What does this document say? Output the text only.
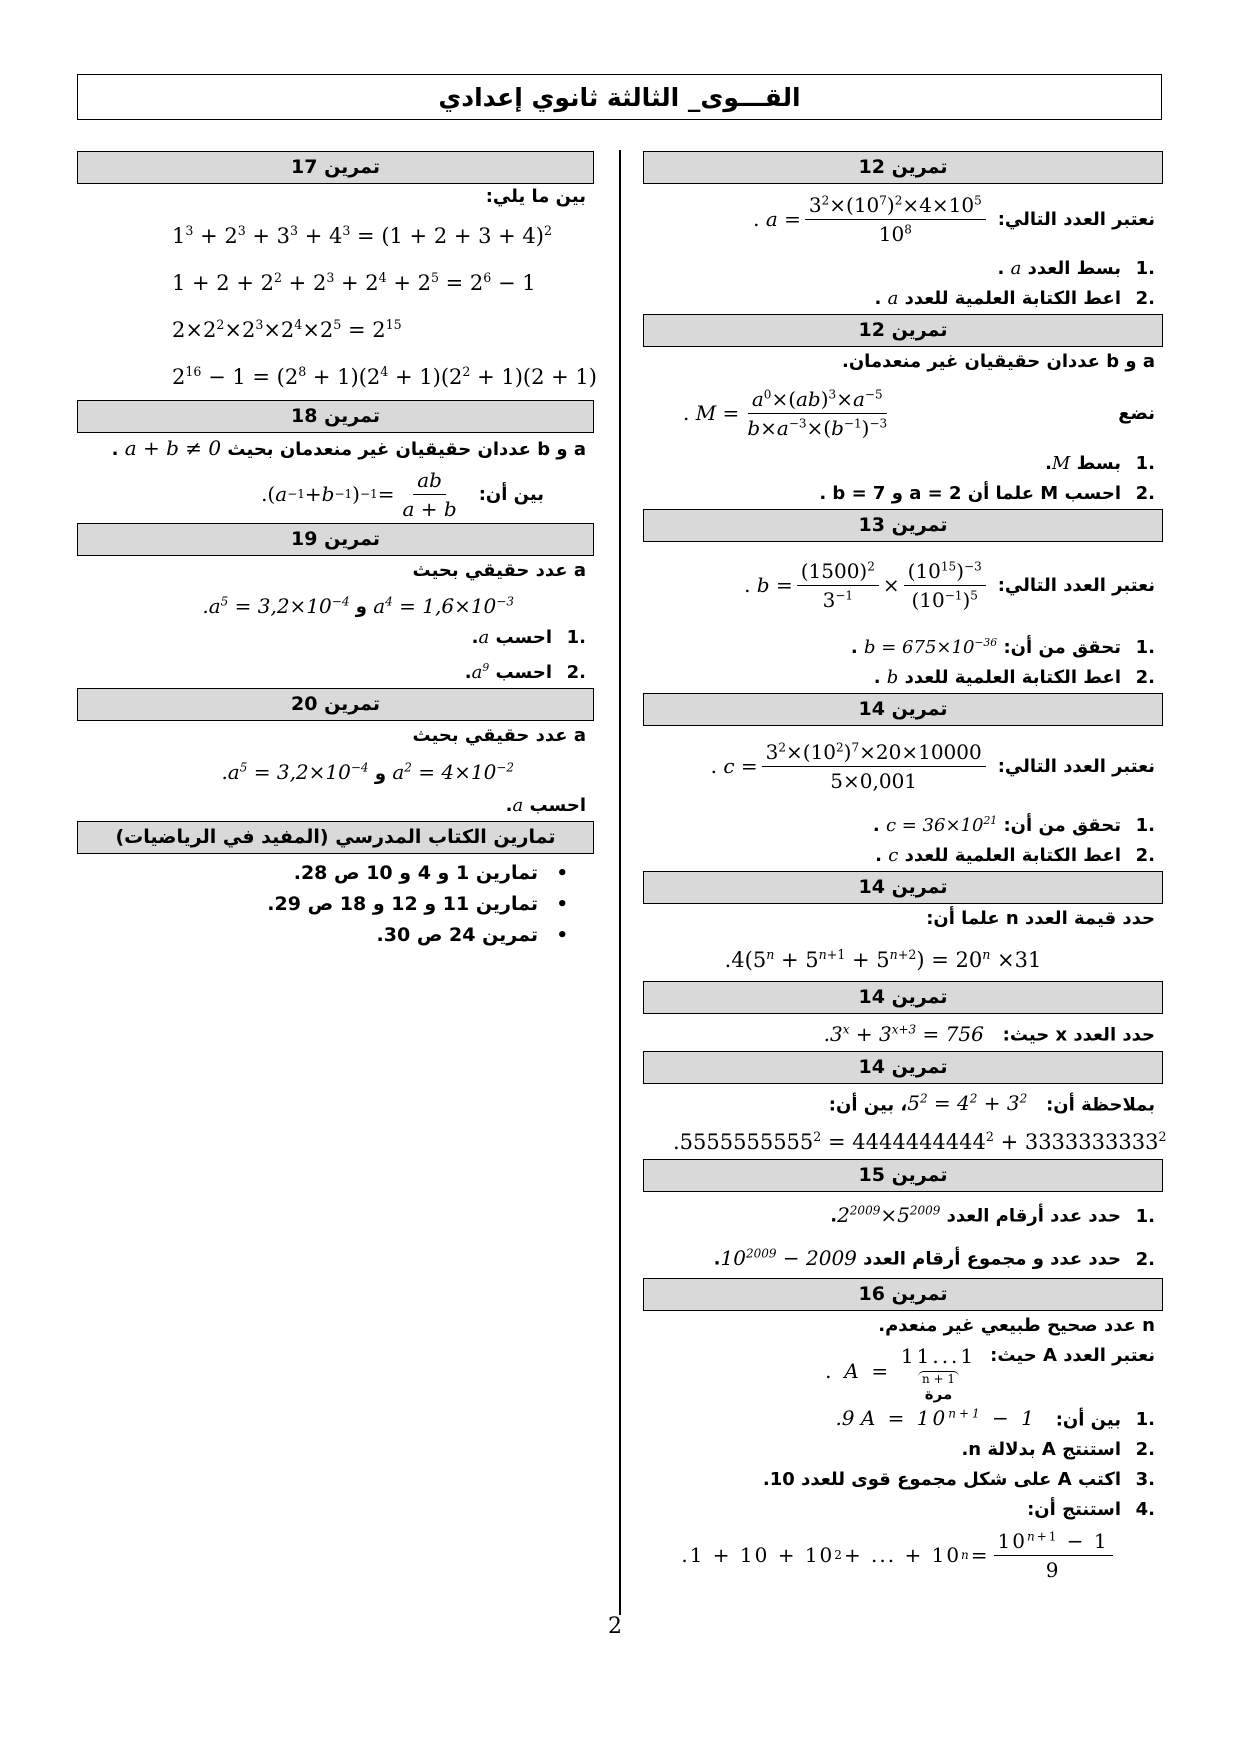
القـــوى_ الثالثة ثانوي إعدادي
تمرين 12
نعتبر العدد التالي:
. $a = \frac{3^2\times(10^7)^2\times 4\times 10^5}{10^8}$
.1بسط العدد a .
.2اعط الكتابة العلمية للعدد a .
تمرين 12
a و b عددان حقيقيان غير منعدمان.
نضع
. $M = \frac{a^0\times(ab)^3\times a^{-5}}{b\times a^{-3}\times(b^{-1})^{-3}}$
.1بسط M.
.2احسب M علما أن a = 2 و b = 7 .
تمرين 13
نعتبر العدد التالي:
. $b = \frac{(1500)^2}{3^{-1}} \times \frac{(10^{15})^{-3}}{(10^{-1})^5}$
.1تحقق من أن: $b = 675\times 10^{-36}$ .
.2اعط الكتابة العلمية للعدد b .
تمرين 14
نعتبر العدد التالي:
. $c = \frac{3^2\times(10^2)^7\times 20\times 10000}{5\times 0,001}$
.1تحقق من أن: $c = 36\times 10^{21}$ .
.2اعط الكتابة العلمية للعدد c .
تمرين 14
حدد قيمة العدد n علما أن:
$.4(5^n + 5^{n+1} + 5^{n+2}) = 20^n \times 31$
تمرين 14
حدد العدد x حيث:   $.3^x + 3^{x+3} = 756$
تمرين 14
بملاحظة أن:   $5^2 = 4^2$ + $3^2،$ بين أن:
$.5555555555^2 = 4444444444^2 + 3333333333^2$
تمرين 15
.1حدد عدد أرقام العدد $2^{2009}\times 5^{2009}$.
.2حدد عدد و مجموع أرقام العدد $10^{2009} - 2009$.
تمرين 16
n عدد صحيح طبيعي غير منعدم.
نعتبر العدد A حيث:
. A =
11...1
n + 1
مرة
.1بين أن:   .9 $A = 10^{n+1} - 1$
.2استنتج A بدلالة n.
.3اكتب A على شكل مجموع قوى للعدد 10.
.4استنتج أن:
.1 + 10 + 10 2 + ... + 10 $n = \frac{10^{n+1} - 1}{9}$
تمرين 17
بين ما يلي:
$1^3 + 2^3 + 3^3 + 4^3 = (1 + 2 + 3 + 4)^2$
$1 + 2 + 2^2 + 2^3 + 2^4 + 2^5 = 2^6 - 1$
$2\times 2^2\times 2^3\times 2^4\times 2^5 = 2^{15}$
$2^{16} - 1 = (2^8 + 1)(2^4 + 1)(2^2 + 1)(2 + 1)$
تمرين 18
a و b عددان حقيقيان غير منعدمان بحيث a + b ≠ 0 .
بين أن:
.( a −1 + b −1 ) $-1 = \frac{ab}{a + b}$
تمرين 19
a عدد حقيقي بحيث
$a^4 = 1,6\times 10^{-3}$ و $.a^5 = 3,2\times 10^{-4}$
.1احسب a.
.2احسب $a^9$.
تمرين 20
a عدد حقيقي بحيث
$a^2 = 4\times 10^{-2}$ و $.a^5 = 3,2\times 10^{-4}$
احسب a.
تمارين الكتاب المدرسي (المفيد في الرياضيات)
• تمارين 1 و 4 و 10 ص 28.
• تمارين 11 و 12 و 18 ص 29.
• تمرين 24 ص 30.
2
